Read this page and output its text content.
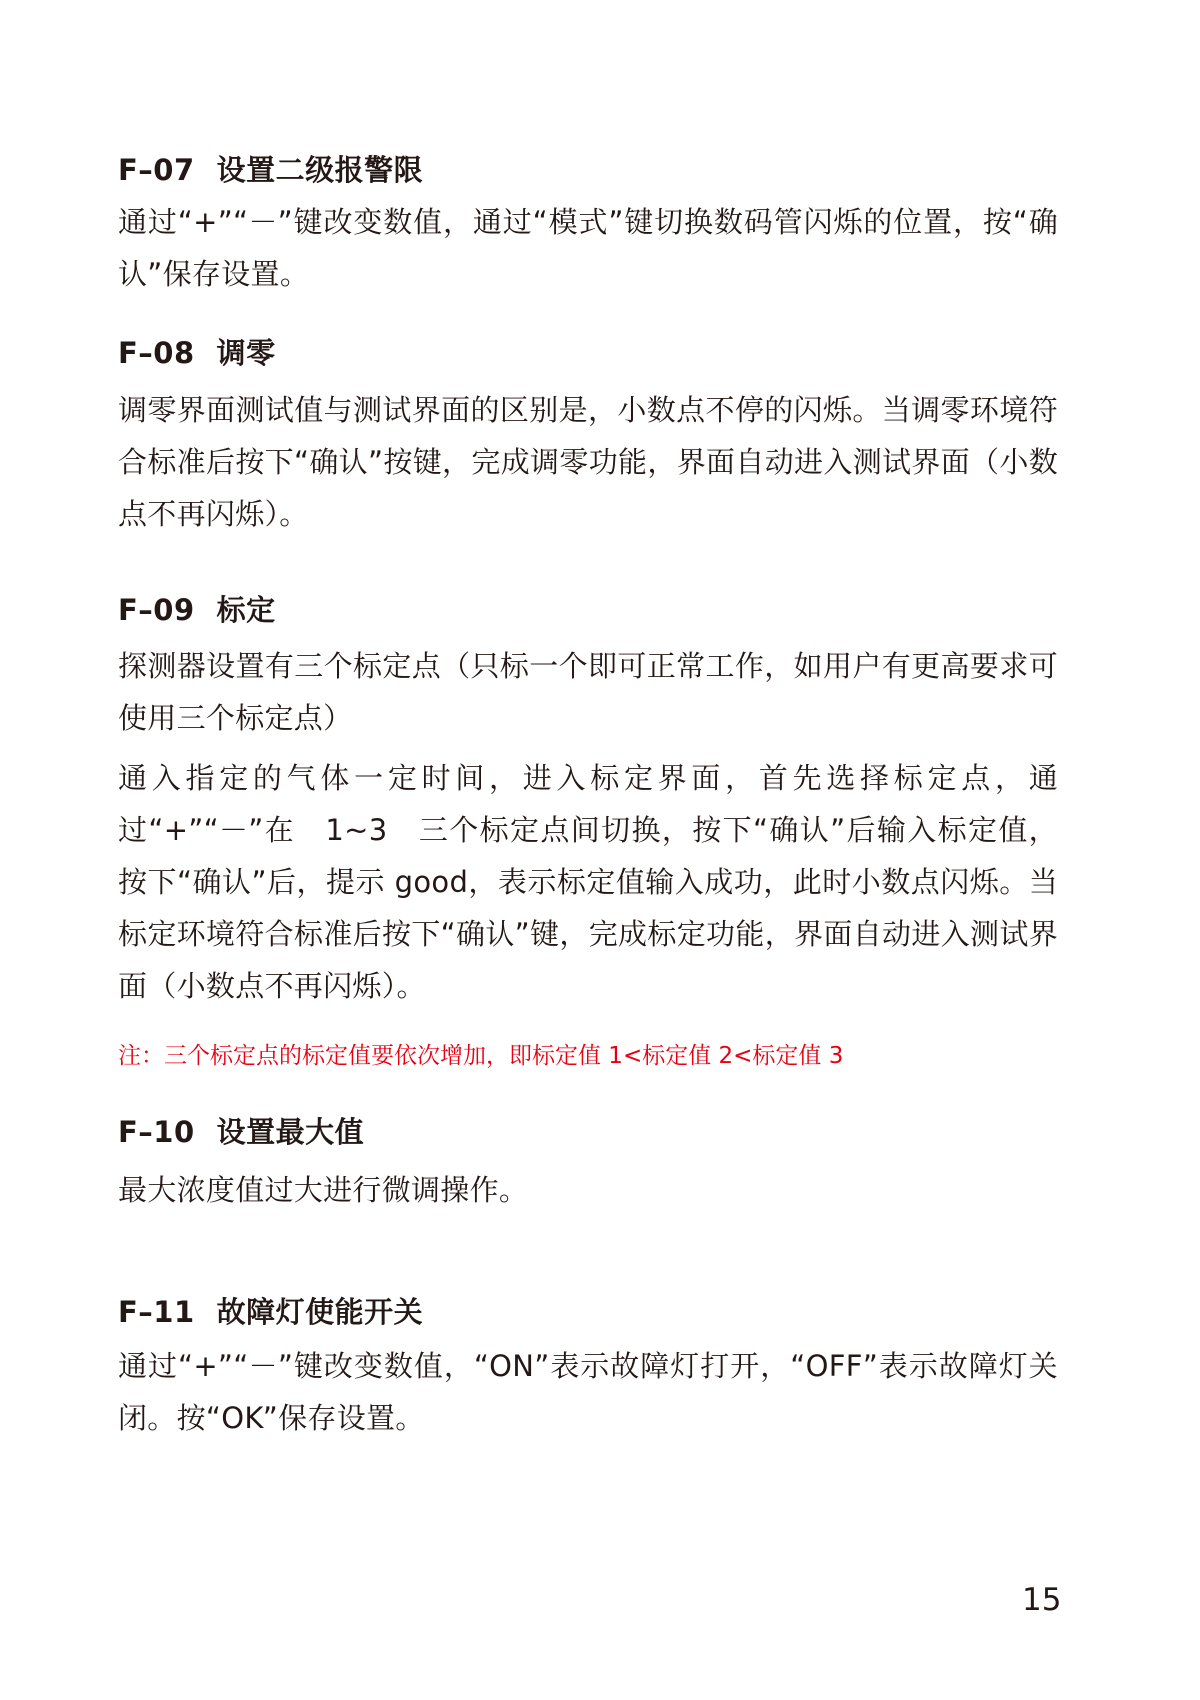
F–07 设置二级报警限
通过“+”“－”键改变数值，通过“模式”键切换数码管闪烁的位置，按“确认”保存设置。
F–08 调零
调零界面测试值与测试界面的区别是，小数点不停的闪烁。当调零环境符合标准后按下“确认”按键，完成调零功能，界面自动进入测试界面（小数点不再闪烁）。
F–09 标定
探测器设置有三个标定点（只标一个即可正常工作，如用户有更高要求可使用三个标定点）
通入指定的气体一定时间，进入标定界面，首先选择标定点，通过“+”“－”在　1~3　三个标定点间切换，按下“确认”后输入标定值，按下“确认”后，提示 good，表示标定值输入成功，此时小数点闪烁。当标定环境符合标准后按下“确认”键，完成标定功能，界面自动进入测试界面（小数点不再闪烁）。
注：三个标定点的标定值要依次增加，即标定值 1<标定值 2<标定值 3
F–10 设置最大值
最大浓度值过大进行微调操作。
F–11 故障灯使能开关
通过“+”“－”键改变数值，“ON”表示故障灯打开，“OFF”表示故障灯关闭。按“OK”保存设置。
15
